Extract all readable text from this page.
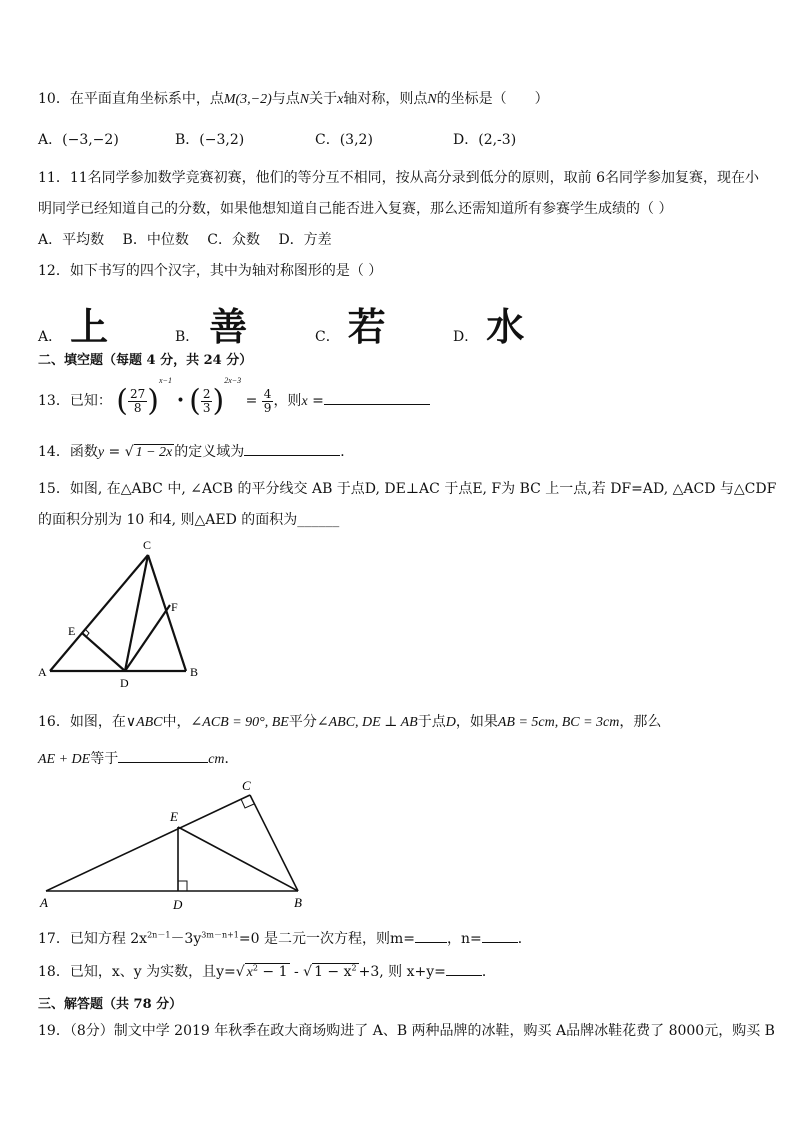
10．在平面直角坐标系中，点M(3,−2)与点N关于x轴对称，则点N的坐标是（　　）
A．(−3,−2)	B．(−3,2)	C．(3,2)	D．(2,-3)
11．11名同学参加数学竞赛初赛，他们的等分互不相同，按从高分录到低分的原则，取前 6名同学参加复赛，现在小
明同学已经知道自己的分数，如果他想知道自己能否进入复赛，那么还需知道所有参赛学生成绩的（ ）
A．平均数　 B．中位数　 C．众数　 D．方差
12．如下书写的四个汉字，其中为轴对称图形的是（ ）
A． 上	B． 善	C． 若	D． 水
二、填空题（每题 4 分，共 24 分）
13．已知： ( $\frac{27}{8} )^{x-1}$ • ( $\frac{2}{3} )^{2x-3} = \frac{4}{9}$ ，则x =
14．函数y = √ 1 − 2x 的定义域为	．
15．如图, 在△ABC 中, ∠ACB 的平分线交 AB 于点D, DE⊥AC 于点E, F为 BC 上一点,若 DF=AD, △ACD 与△CDF
的面积分别为 10 和4, 则△AED 的面积为______
A	B
C
D
E
F
16．如图，在∨ABC中，∠ACB = 90°, BE平分∠ABC, DE ⊥ AB于点D，如果AB = 5cm, BC = 3cm，那么
AE + DE等于	cm．
A	B
C
D
E
17．已知方程 $2x^{2n-1}-3y^{3m-n+1}=0$ 是二元一次方程，则m= ，n=	．
18．已知，x、y 为实数，且y=√ $x^2 - 1$ - √ $1 - x^2 +3$, 则 x+y=	．
三、解答题（共 78 分）
19．（8分）制文中学 2019 年秋季在政大商场购进了 A、B 两种品牌的冰鞋，购买 A品牌冰鞋花费了 8000元，购买 B
